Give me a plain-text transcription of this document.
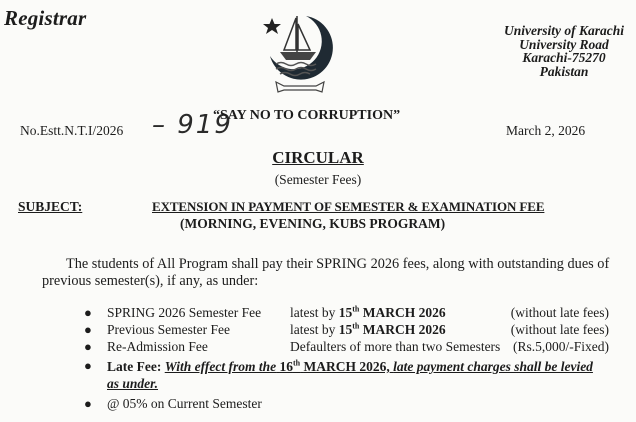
Registrar
University of Karachi
University Road
Karachi-75270
Pakistan
No.Estt.N.T.I/2026 – 919
“SAY NO TO CORRUPTION”
March 2, 2026
CIRCULAR
(Semester Fees)
SUBJECT:	EXTENSION IN PAYMENT OF SEMESTER & EXAMINATION FEE
(MORNING, EVENING, KUBS PROGRAM)
The students of All Program shall pay their SPRING 2026 fees, along with outstanding dues of previous semester(s), if any, as under:
● SPRING 2026 Semester Fee latest by 15th MARCH 2026	(without late fees)
● Previous Semester Fee	latest by 15th MARCH 2026	(without late fees)
● Re-Admission Fee	Defaulters of more than two Semesters (Rs.5,000/-Fixed)
● Late Fee: With effect from the 16th MARCH 2026, late payment charges shall be levied as under.
● @ 05% on Current Semester
